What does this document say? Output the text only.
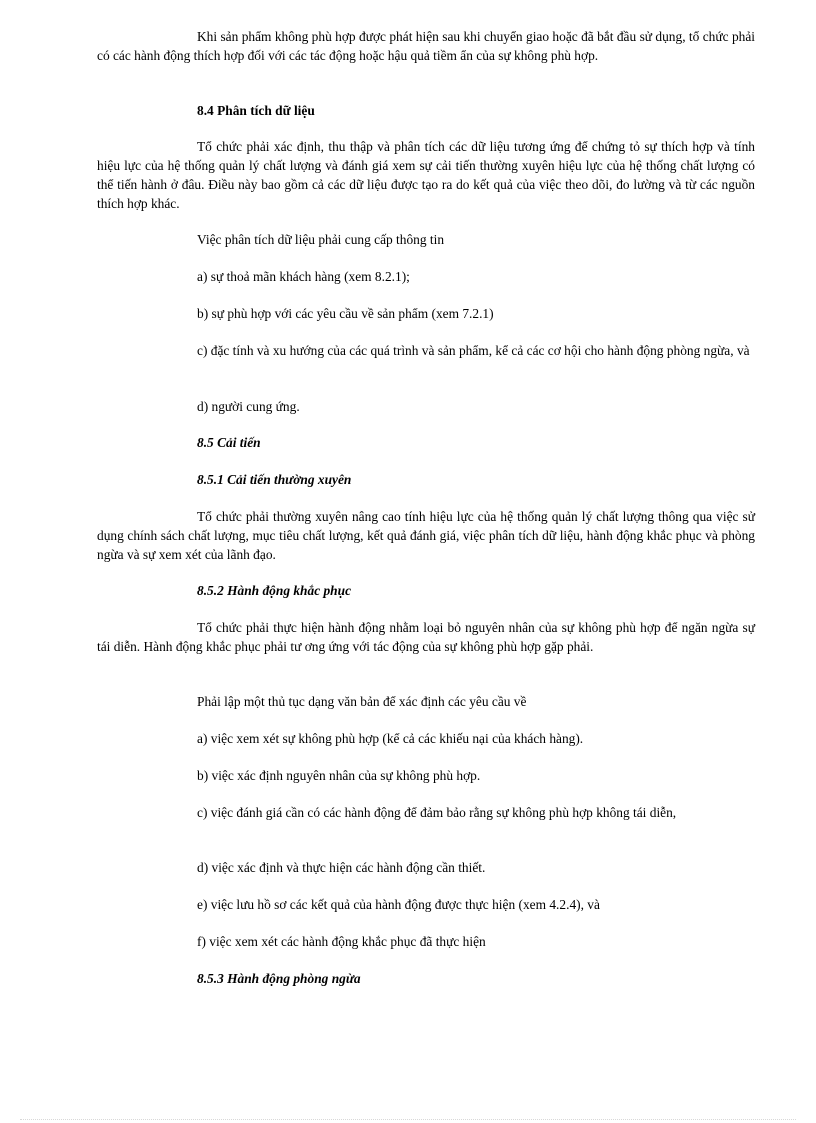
Khi sản phẩm không phù hợp được phát hiện sau khi chuyển giao hoặc đã bắt đầu sử dụng, tổ chức phải có các hành động thích hợp đối với các tác động hoặc hậu quả tiềm ẩn của sự không phù hợp.

8.4 Phân tích dữ liệu

Tổ chức phải xác định, thu thập và phân tích các dữ liệu tương ứng để chứng tỏ sự thích hợp và tính hiệu lực của hệ thống quản lý chất lượng và đánh giá xem sự cải tiến thường xuyên hiệu lực của hệ thống chất lượng có thể tiến hành ở đâu. Điều này bao gồm cả các dữ liệu được tạo ra do kết quả của việc theo dõi, đo lường và từ các nguồn thích hợp khác.

Việc phân tích dữ liệu phải cung cấp thông tin

a) sự thoả mãn khách hàng (xem 8.2.1);

b) sự phù hợp với các yêu cầu về sản phẩm (xem 7.2.1)

c) đặc tính và xu hướng của các quá trình và sản phẩm, kể cả các cơ hội cho hành động phòng ngừa, và

d) người cung ứng.

8.5 Cải tiến

8.5.1 Cải tiến thường xuyên

Tổ chức phải thường xuyên nâng cao tính hiệu lực của hệ thống quản lý chất lượng thông qua việc sử dụng chính sách chất lượng, mục tiêu chất lượng, kết quả đánh giá, việc phân tích dữ liệu, hành động khắc phục và phòng ngừa và sự xem xét của lãnh đạo.

8.5.2 Hành động khắc phục

Tổ chức phải thực hiện hành động nhằm loại bỏ nguyên nhân của sự không phù hợp để ngăn ngừa sự tái diễn. Hành động khắc phục phải tư ơng ứng với tác động của sự không phù hợp gặp phải.

Phải lập một thủ tục dạng văn bản để xác định các yêu cầu về

a) việc xem xét sự không phù hợp (kể cả các khiếu nại của khách hàng).

b) việc xác định nguyên nhân của sự không phù hợp.

c) việc đánh giá cần có các hành động để đảm bảo rằng sự không phù hợp không tái diễn,

d) việc xác định và thực hiện các hành động cần thiết.

e) việc lưu hồ sơ các kết quả của hành động được thực hiện (xem 4.2.4), và

f) việc xem xét các hành động khắc phục đã thực hiện

8.5.3 Hành động phòng ngừa
